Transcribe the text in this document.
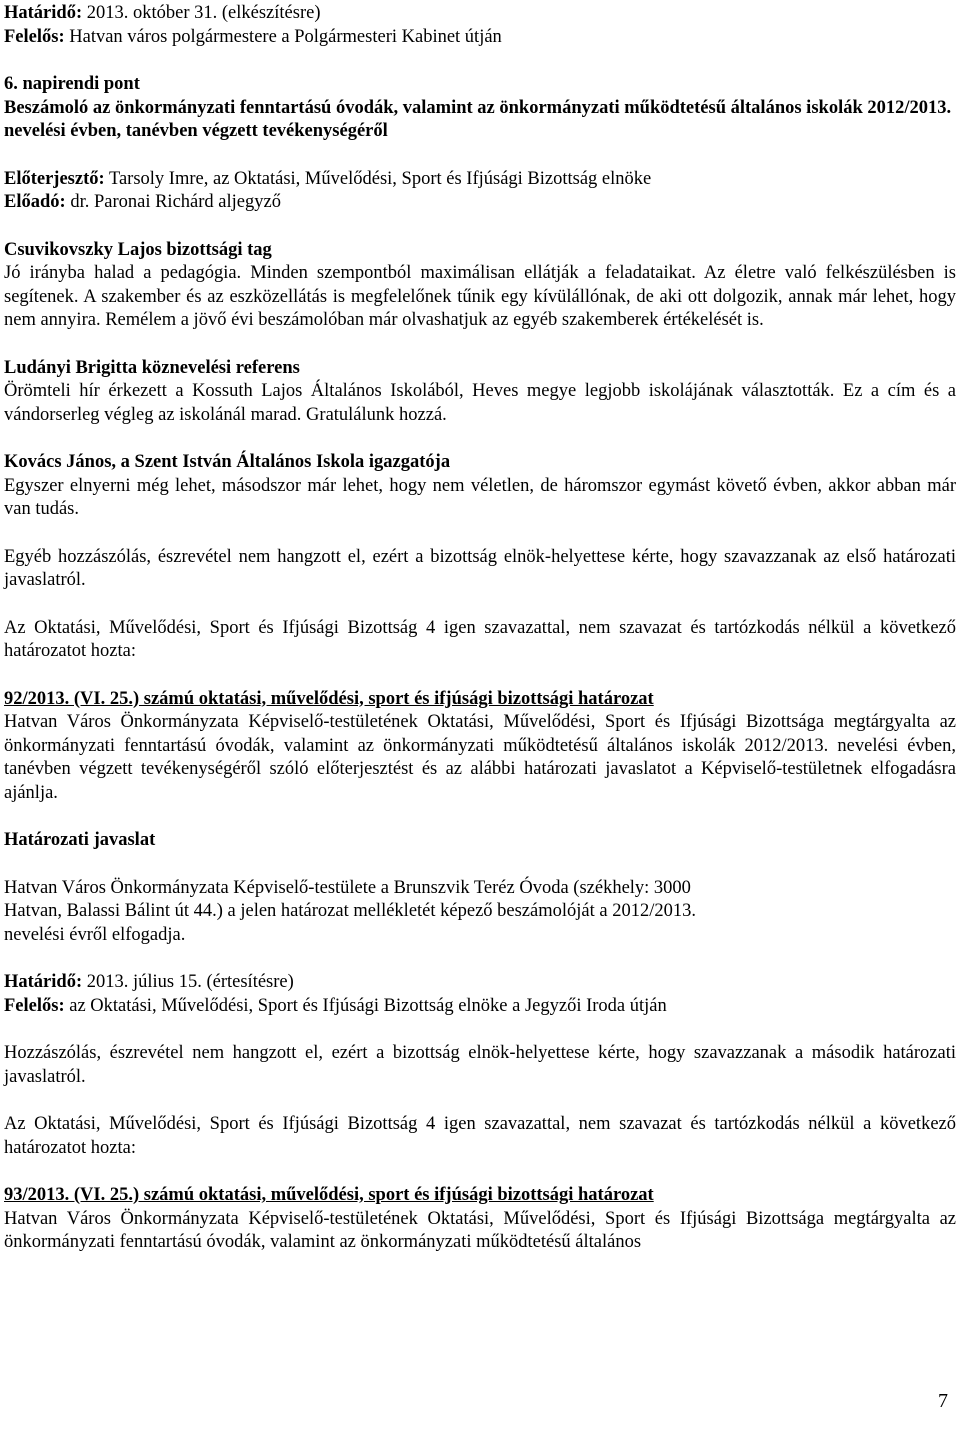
Határidő: 2013. október 31. (elkészítésre)

Felelős: Hatvan város polgármestere a Polgármesteri Kabinet útján

6. napirendi pont

Beszámoló az önkormányzati fenntartású óvodák, valamint az önkormányzati működtetésű általános iskolák 2012/2013. nevelési évben, tanévben végzett tevékenységéről

Előterjesztő: Tarsoly Imre, az Oktatási, Művelődési, Sport és Ifjúsági Bizottság elnöke

Előadó: dr. Paronai Richárd aljegyző

Csuvikovszky Lajos bizottsági tag

Jó irányba halad a pedagógia. Minden szempontból maximálisan ellátják a feladataikat. Az életre való felkészülésben is segítenek. A szakember és az eszközellátás is megfelelőnek tűnik egy kívülállónak, de aki ott dolgozik, annak már lehet, hogy nem annyira. Remélem a jövő évi beszámolóban már olvashatjuk az egyéb szakemberek értékelését is.

Ludányi Brigitta köznevelési referens

Örömteli hír érkezett a Kossuth Lajos Általános Iskolából, Heves megye legjobb iskolájának választották. Ez a cím és a vándorserleg végleg az iskolánál marad. Gratulálunk hozzá.

Kovács János, a Szent István Általános Iskola igazgatója

Egyszer elnyerni még lehet, másodszor már lehet, hogy nem véletlen, de háromszor egymást követő évben, akkor abban már van tudás.

Egyéb hozzászólás, észrevétel nem hangzott el, ezért a bizottság elnök-helyettese kérte, hogy szavazzanak az első határozati javaslatról.

Az Oktatási, Művelődési, Sport és Ifjúsági Bizottság 4 igen szavazattal, nem szavazat és tartózkodás nélkül a következő határozatot hozta:

92/2013. (VI. 25.) számú oktatási, művelődési, sport és ifjúsági bizottsági határozat

Hatvan Város Önkormányzata Képviselő-testületének Oktatási, Művelődési, Sport és Ifjúsági Bizottsága megtárgyalta az önkormányzati fenntartású óvodák, valamint az önkormányzati működtetésű általános iskolák 2012/2013. nevelési évben, tanévben végzett tevékenységéről szóló előterjesztést és az alábbi határozati javaslatot a Képviselő-testületnek elfogadásra ajánlja.

Határozati javaslat

Hatvan Város Önkormányzata Képviselő-testülete a Brunszvik Teréz Óvoda (székhely: 3000

Hatvan, Balassi Bálint út 44.) a jelen határozat mellékletét képező beszámolóját a 2012/2013.

nevelési évről elfogadja.

Határidő: 2013. július 15. (értesítésre)

Felelős: az Oktatási, Művelődési, Sport és Ifjúsági Bizottság elnöke a Jegyzői Iroda útján

Hozzászólás, észrevétel nem hangzott el, ezért a bizottság elnök-helyettese kérte, hogy szavazzanak a második határozati javaslatról.

Az Oktatási, Művelődési, Sport és Ifjúsági Bizottság 4 igen szavazattal, nem szavazat és tartózkodás nélkül a következő határozatot hozta:

93/2013. (VI. 25.) számú oktatási, művelődési, sport és ifjúsági bizottsági határozat

Hatvan Város Önkormányzata Képviselő-testületének Oktatási, Művelődési, Sport és Ifjúsági Bizottsága megtárgyalta az önkormányzati fenntartású óvodák, valamint az önkormányzati működtetésű általános

7
